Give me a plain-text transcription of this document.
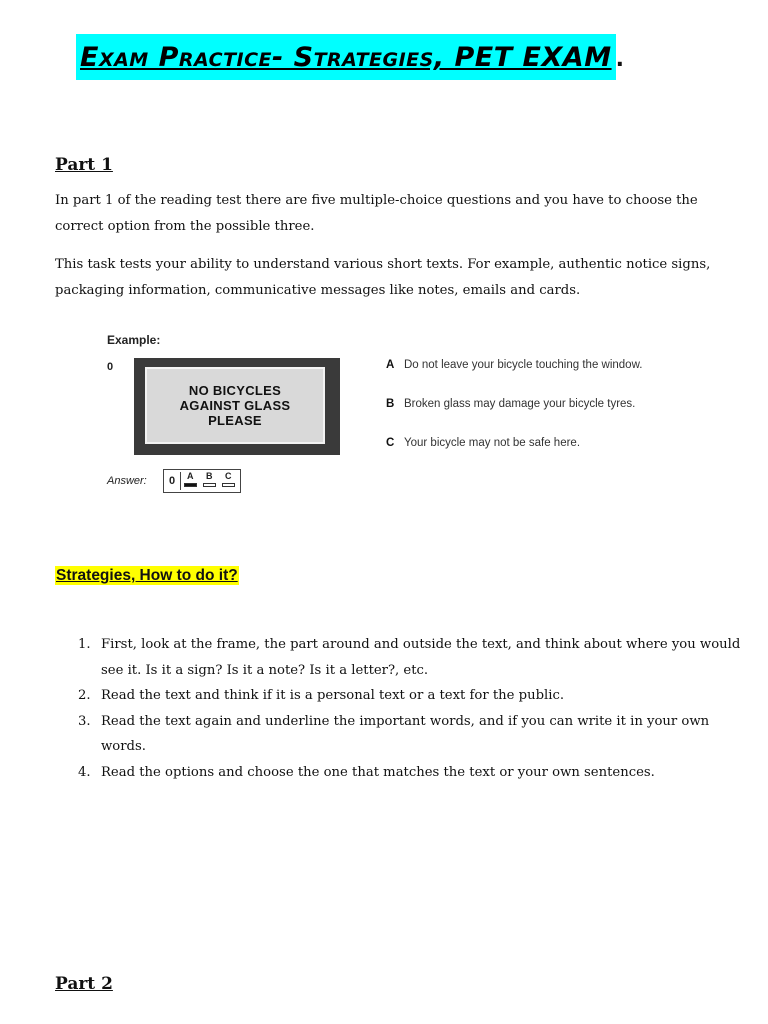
Exam Practice- Strategies, PET EXAM .
Part 1

In part 1 of the reading test there are five multiple-choice questions and you have to choose the correct option from the possible three.

This task tests your ability to understand various short texts. For example, authentic notice signs, packaging information, communicative messages like notes, emails and cards.

Example:
0
NO BICYCLES
AGAINST GLASS
PLEASE
A Do not leave your bicycle touching the window.
B Broken glass may damage your bicycle tyres.
C Your bicycle may not be safe here.
Answer: 0 A B C
Strategies, How to do it?
1. First, look at the frame, the part around and outside the text, and think about where you would see it. Is it a sign? Is it a note? Is it a letter?, etc.
2. Read the text and think if it is a personal text or a text for the public.
3. Read the text again and underline the important words, and if you can write it in your own words.
4. Read the options and choose the one that matches the text or your own sentences.
Part 2
